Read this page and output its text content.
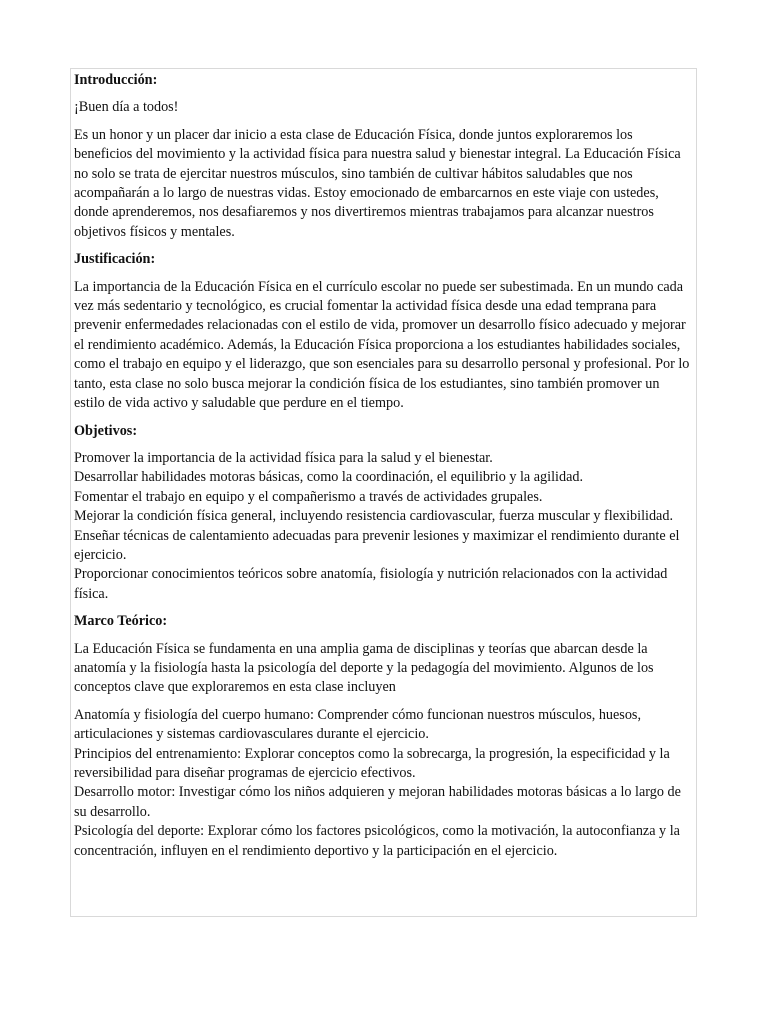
Introducción:

¡Buen día a todos!

Es un honor y un placer dar inicio a esta clase de Educación Física, donde juntos exploraremos los beneficios del movimiento y la actividad física para nuestra salud y bienestar integral. La Educación Física no solo se trata de ejercitar nuestros músculos, sino también de cultivar hábitos saludables que nos acompañarán a lo largo de nuestras vidas. Estoy emocionado de embarcarnos en este viaje con ustedes, donde aprenderemos, nos desafiaremos y nos divertiremos mientras trabajamos para alcanzar nuestros objetivos físicos y mentales.

Justificación:

La importancia de la Educación Física en el currículo escolar no puede ser subestimada. En un mundo cada vez más sedentario y tecnológico, es crucial fomentar la actividad física desde una edad temprana para prevenir enfermedades relacionadas con el estilo de vida, promover un desarrollo físico adecuado y mejorar el rendimiento académico. Además, la Educación Física proporciona a los estudiantes habilidades sociales, como el trabajo en equipo y el liderazgo, que son esenciales para su desarrollo personal y profesional. Por lo tanto, esta clase no solo busca mejorar la condición física de los estudiantes, sino también promover un estilo de vida activo y saludable que perdure en el tiempo.

Objetivos:

Promover la importancia de la actividad física para la salud y el bienestar.
Desarrollar habilidades motoras básicas, como la coordinación, el equilibrio y la agilidad.
Fomentar el trabajo en equipo y el compañerismo a través de actividades grupales.
Mejorar la condición física general, incluyendo resistencia cardiovascular, fuerza muscular y flexibilidad.
Enseñar técnicas de calentamiento adecuadas para prevenir lesiones y maximizar el rendimiento durante el ejercicio.
Proporcionar conocimientos teóricos sobre anatomía, fisiología y nutrición relacionados con la actividad física.

Marco Teórico:

La Educación Física se fundamenta en una amplia gama de disciplinas y teorías que abarcan desde la anatomía y la fisiología hasta la psicología del deporte y la pedagogía del movimiento. Algunos de los conceptos clave que exploraremos en esta clase incluyen

Anatomía y fisiología del cuerpo humano: Comprender cómo funcionan nuestros músculos, huesos, articulaciones y sistemas cardiovasculares durante el ejercicio.
Principios del entrenamiento: Explorar conceptos como la sobrecarga, la progresión, la especificidad y la reversibilidad para diseñar programas de ejercicio efectivos.
Desarrollo motor: Investigar cómo los niños adquieren y mejoran habilidades motoras básicas a lo largo de su desarrollo.
Psicología del deporte: Explorar cómo los factores psicológicos, como la motivación, la autoconfianza y la concentración, influyen en el rendimiento deportivo y la participación en el ejercicio.
